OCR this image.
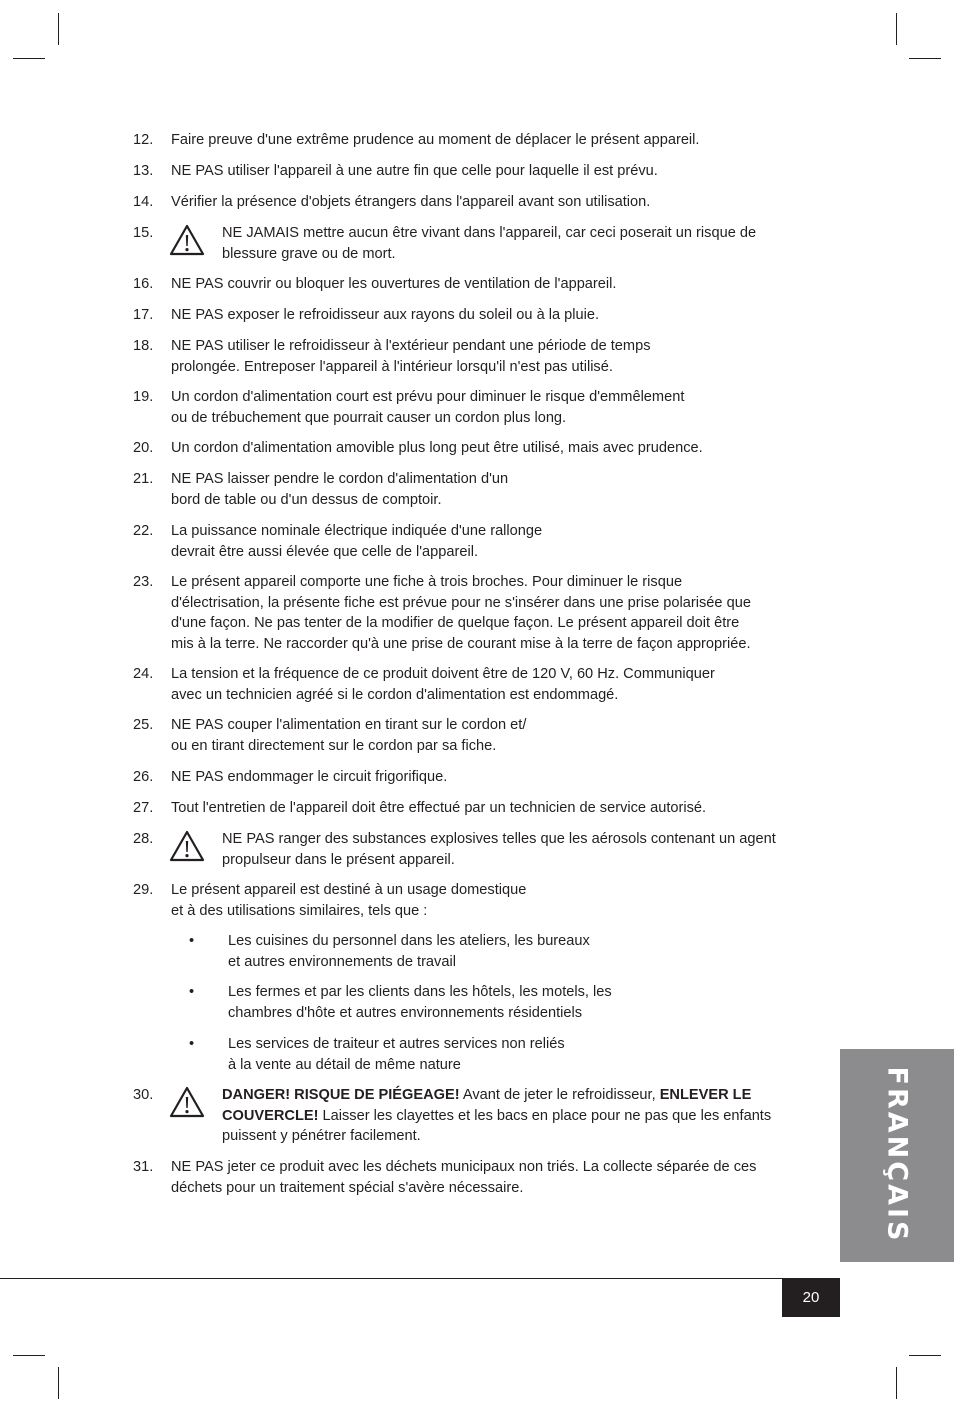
12. Faire preuve d'une extrême prudence au moment de déplacer le présent appareil.
13. NE PAS utiliser l'appareil à une autre fin que celle pour laquelle il est prévu.
14. Vérifier la présence d'objets étrangers dans l'appareil avant son utilisation.
15.	NE JAMAIS mettre aucun être vivant dans l'appareil, car ceci poserait un risque de
blessure grave ou de mort.
16. NE PAS couvrir ou bloquer les ouvertures de ventilation de l'appareil.
17. NE PAS exposer le refroidisseur aux rayons du soleil ou à la pluie.
18. NE PAS utiliser le refroidisseur à l'extérieur pendant une période de temps
prolongée. Entreposer l'appareil à l'intérieur lorsqu'il n'est pas utilisé.
19. Un cordon d'alimentation court est prévu pour diminuer le risque d'emmêlement
ou de trébuchement que pourrait causer un cordon plus long.
20. Un cordon d'alimentation amovible plus long peut être utilisé, mais avec prudence.
21. NE PAS laisser pendre le cordon d'alimentation d'un
bord de table ou d'un dessus de comptoir.
22. La puissance nominale électrique indiquée d'une rallonge
devrait être aussi élevée que celle de l'appareil.
23. Le présent appareil comporte une fiche à trois broches. Pour diminuer le risque
d'électrisation, la présente fiche est prévue pour ne s'insérer dans une prise polarisée que
d'une façon. Ne pas tenter de la modifier de quelque façon. Le présent appareil doit être
mis à la terre. Ne raccorder qu'à une prise de courant mise à la terre de façon appropriée.
24. La tension et la fréquence de ce produit doivent être de 120 V, 60 Hz. Communiquer
avec un technicien agréé si le cordon d'alimentation est endommagé.
25. NE PAS couper l'alimentation en tirant sur le cordon et/
ou en tirant directement sur le cordon par sa fiche.
26. NE PAS endommager le circuit frigorifique.
27. Tout l'entretien de l'appareil doit être effectué par un technicien de service autorisé.
28.	NE PAS ranger des substances explosives telles que les aérosols contenant un agent
propulseur dans le présent appareil.
29. Le présent appareil est destiné à un usage domestique
et à des utilisations similaires, tels que :
• Les cuisines du personnel dans les ateliers, les bureaux
et autres environnements de travail
• Les fermes et par les clients dans les hôtels, les motels, les
chambres d'hôte et autres environnements résidentiels
• Les services de traiteur et autres services non reliés
à la vente au détail de même nature
30.	DANGER! RISQUE DE PIÉGEAGE! Avant de jeter le refroidisseur, ENLEVER LE
COUVERCLE! Laisser les clayettes et les bacs en place pour ne pas que les enfants
puissent y pénétrer facilement.
31. NE PAS jeter ce produit avec les déchets municipaux non triés. La collecte séparée de ces
déchets pour un traitement spécial s'avère nécessaire.	FRANÇAIS
20
